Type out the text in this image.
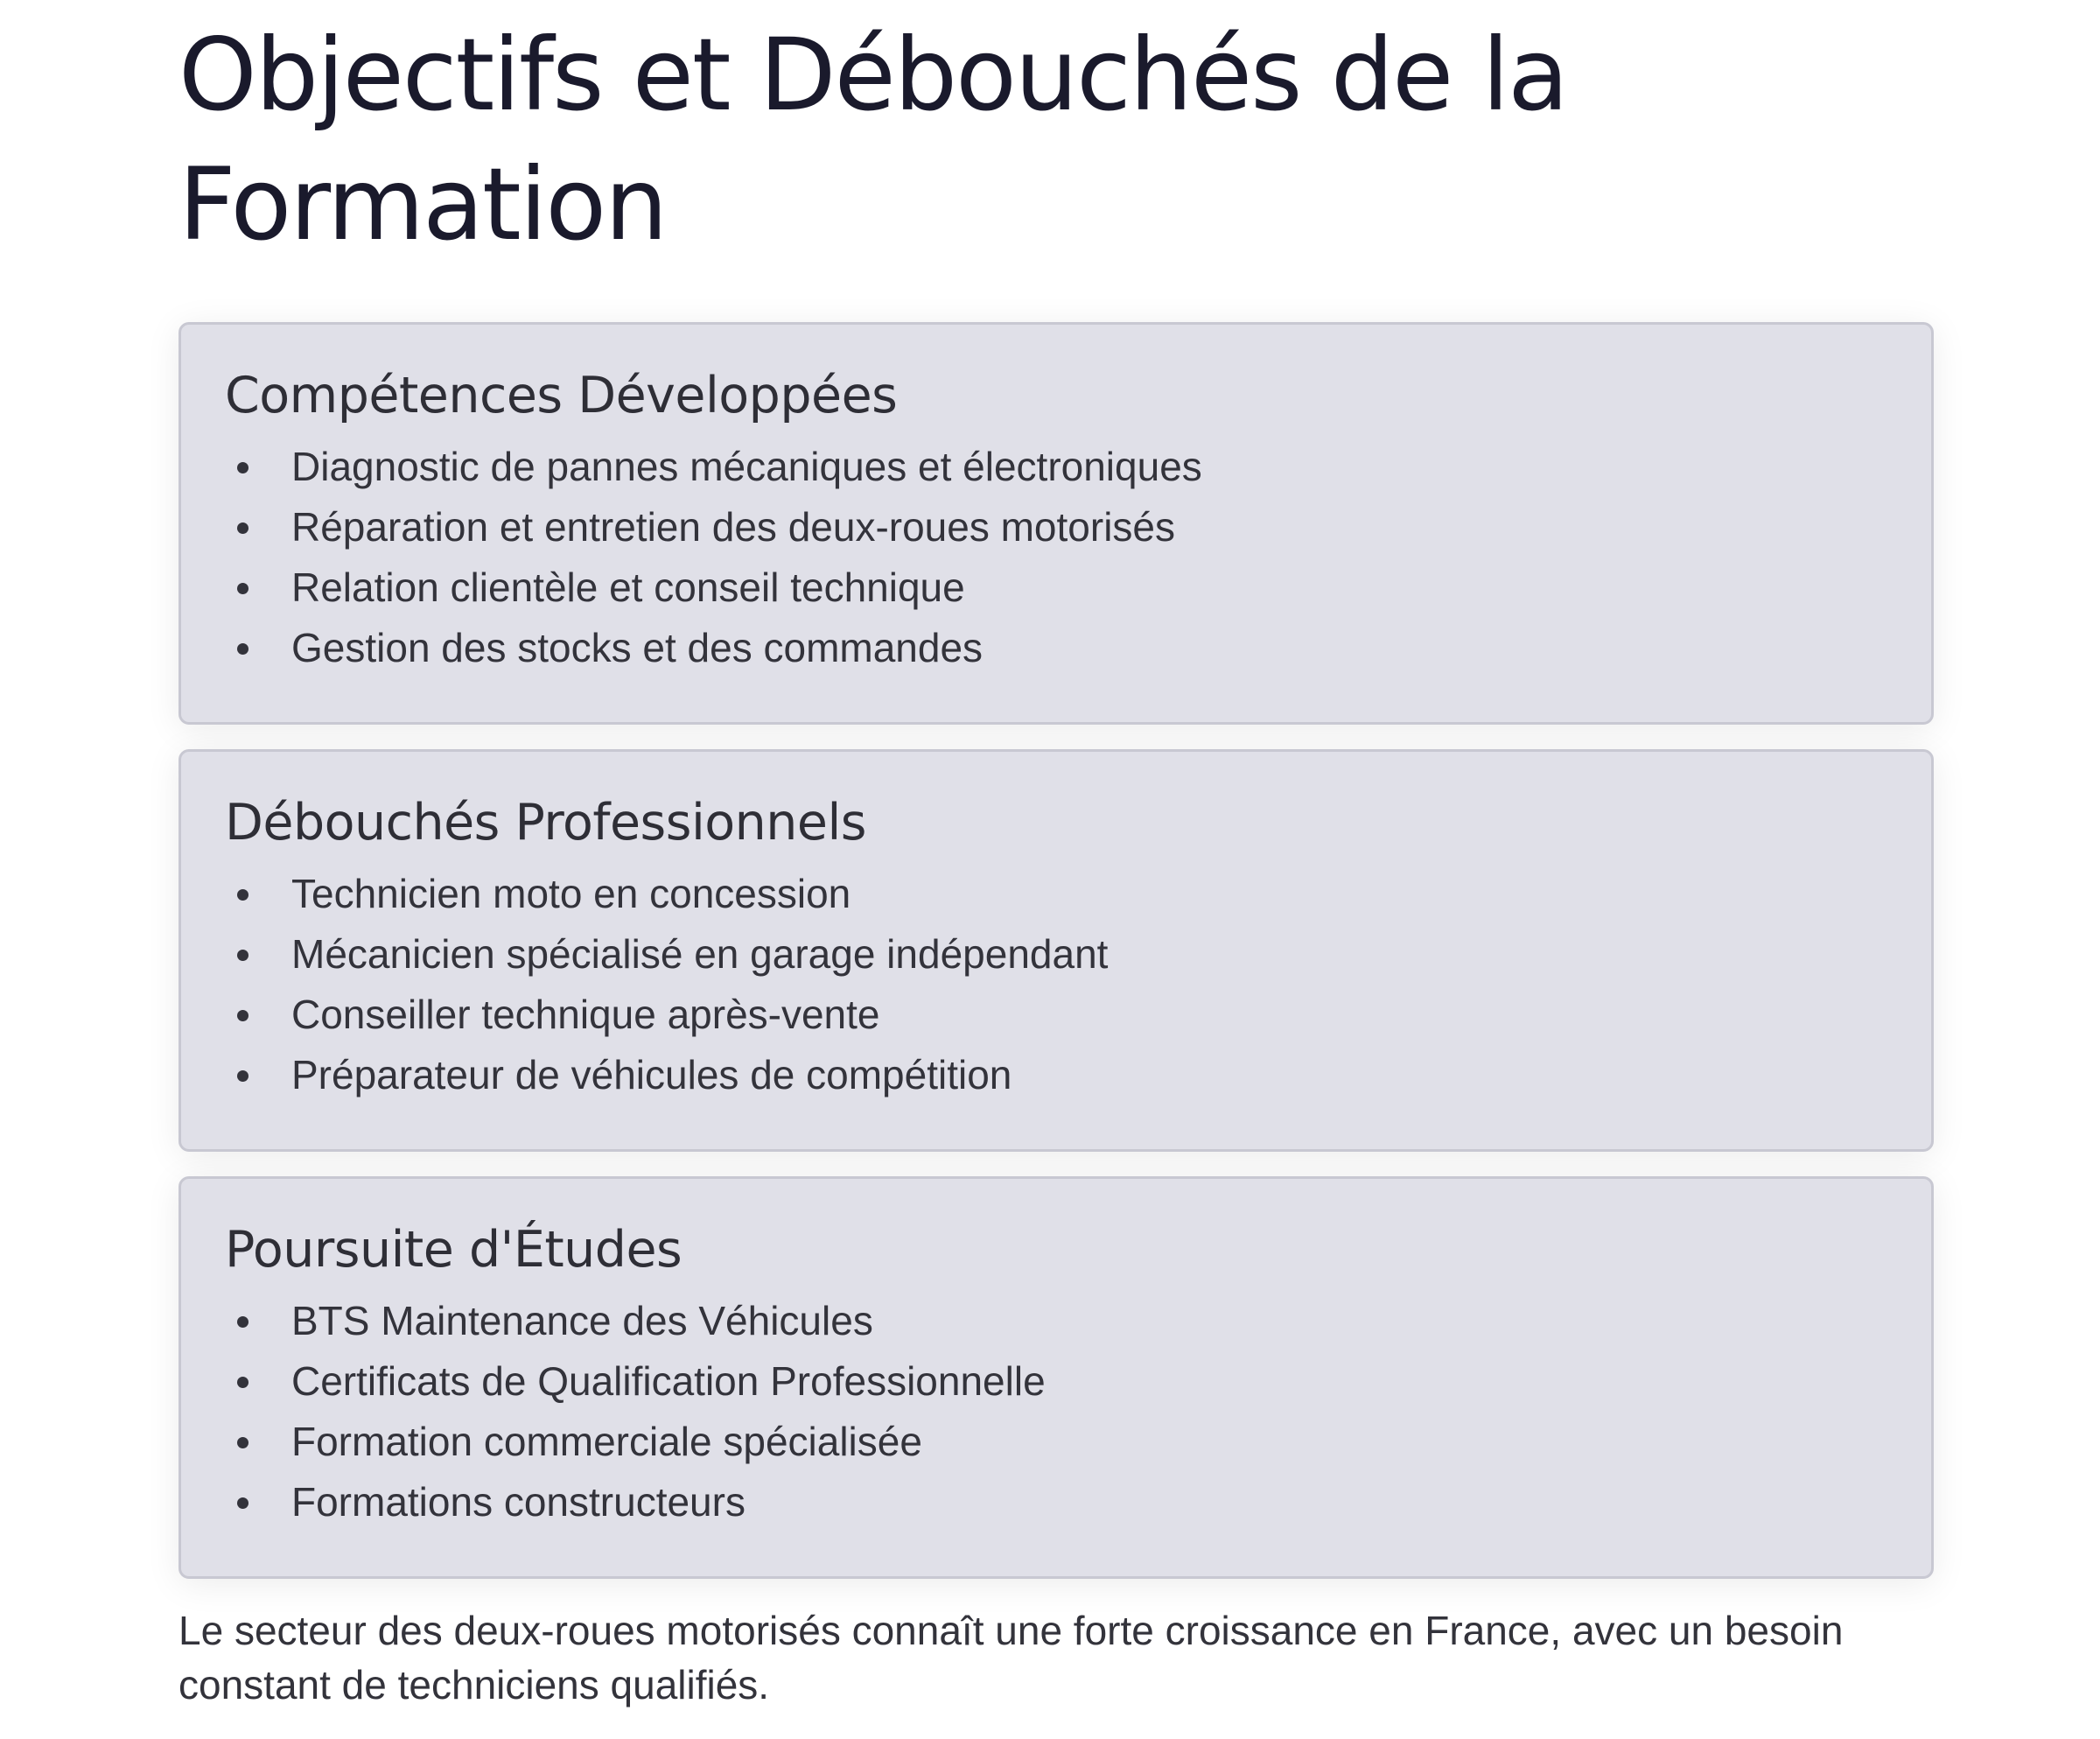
Objectifs et Débouchés de la Formation
Compétences Développées
Diagnostic de pannes mécaniques et électroniques
Réparation et entretien des deux-roues motorisés
Relation clientèle et conseil technique
Gestion des stocks et des commandes
Débouchés Professionnels
Technicien moto en concession
Mécanicien spécialisé en garage indépendant
Conseiller technique après-vente
Préparateur de véhicules de compétition
Poursuite d'Études
BTS Maintenance des Véhicules
Certificats de Qualification Professionnelle
Formation commerciale spécialisée
Formations constructeurs

Le secteur des deux-roues motorisés connaît une forte croissance en France, avec un besoin constant de techniciens qualifiés.
